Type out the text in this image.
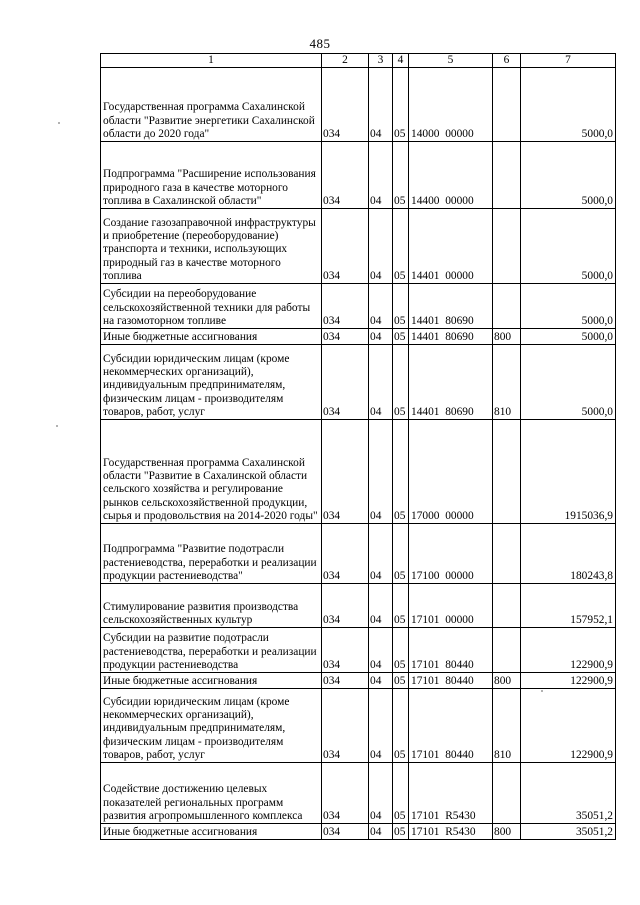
485
1	2	3	4	5	6	7
Государственная программа Сахалинской области "Развитие энергетики Сахалинской области до 2020 года"	034	04	05	14000 00000		5000,0
Подпрограмма "Расширение использования природного газа в качестве моторного топлива в Сахалинской области"	034	04	05	14400 00000		5000,0
Создание газозаправочной инфраструктуры и приобретение (переоборудование) транспорта и техники, использующих природный газ в качестве моторного топлива	034	04	05	14401 00000		5000,0
Субсидии на переоборудование сельскохозяйственной техники для работы на газомоторном топливе	034	04	05	14401 80690		5000,0
Иные бюджетные ассигнования	034	04	05	14401 80690	800	5000,0
Субсидии юридическим лицам (кроме некоммерческих организаций), индивидуальным предпринимателям, физическим лицам - производителям товаров, работ, услуг	034	04	05	14401 80690	810	5000,0
Государственная программа Сахалинской области "Развитие в Сахалинской области сельского хозяйства и регулирование рынков сельскохозяйственной продукции, сырья и продовольствия на 2014-2020 годы"	034	04	05	17000 00000		1915036,9
Подпрограмма "Развитие подотрасли растениеводства, переработки и реализации продукции растениеводства"	034	04	05	17100 00000		180243,8
Стимулирование развития производства сельскохозяйственных культур	034	04	05	17101 00000		157952,1
Субсидии на развитие подотрасли растениеводства, переработки и реализации продукции растениеводства	034	04	05	17101 80440		122900,9
Иные бюджетные ассигнования	034	04	05	17101 80440	800	122900,9
Субсидии юридическим лицам (кроме некоммерческих организаций), индивидуальным предпринимателям, физическим лицам - производителям товаров, работ, услуг	034	04	05	17101 80440	810	122900,9
Содействие достижению целевых показателей региональных программ развития агропромышленного комплекса	034	04	05	17101 R5430		35051,2
Иные бюджетные ассигнования	034	04	05	17101 R5430	800	35051,2
